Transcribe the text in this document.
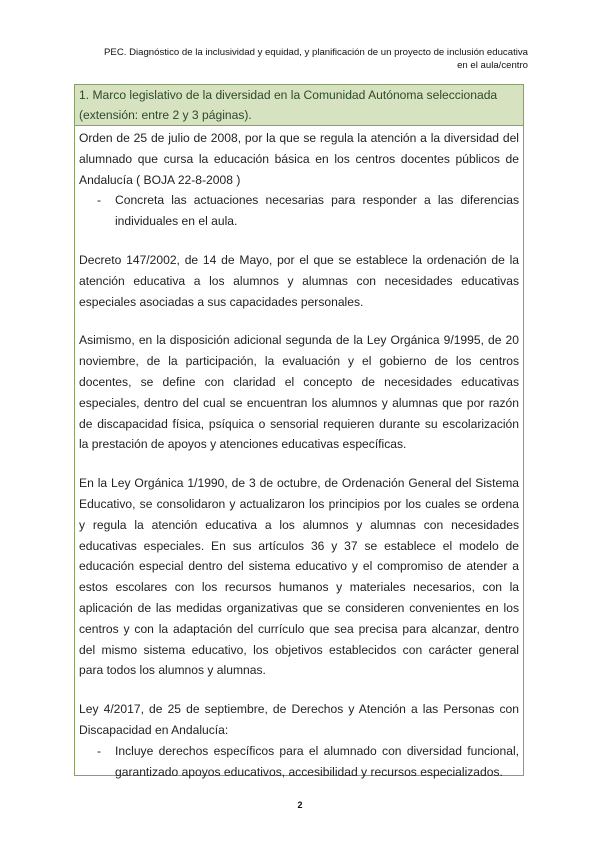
PEC. Diagnóstico de la inclusividad y equidad, y planificación de un proyecto de inclusión educativa
en el aula/centro
1. Marco legislativo de la diversidad en la Comunidad Autónoma seleccionada (extensión: entre 2 y 3 páginas).

Orden de 25 de julio de 2008, por la que se regula la atención a la diversidad del alumnado que cursa la educación básica en los centros docentes públicos de Andalucía ( BOJA 22-8-2008 )

-	Concreta las actuaciones necesarias para responder a las diferencias individuales en el aula.

Decreto 147/2002, de 14 de Mayo, por el que se establece la ordenación de la atención educativa a los alumnos y alumnas con necesidades educativas especiales asociadas a sus capacidades personales.

Asimismo, en la disposición adicional segunda de la Ley Orgánica 9/1995, de 20 noviembre, de la participación, la evaluación y el gobierno de los centros docentes, se define con claridad el concepto de necesidades educativas especiales, dentro del cual se encuentran los alumnos y alumnas que por razón de discapacidad física, psíquica o sensorial requieren durante su escolarización la prestación de apoyos y atenciones educativas específicas.

En la Ley Orgánica 1/1990, de 3 de octubre, de Ordenación General del Sistema Educativo, se consolidaron y actualizaron los principios por los cuales se ordena y regula la atención educativa a los alumnos y alumnas con necesidades educativas especiales. En sus artículos 36 y 37 se establece el modelo de educación especial dentro del sistema educativo y el compromiso de atender a estos escolares con los recursos humanos y materiales necesarios, con la aplicación de las medidas organizativas que se consideren convenientes en los centros y con la adaptación del currículo que sea precisa para alcanzar, dentro del mismo sistema educativo, los objetivos establecidos con carácter general para todos los alumnos y alumnas.

Ley 4/2017, de 25 de septiembre, de Derechos y Atención a las Personas con Discapacidad en Andalucía:

-	Incluye derechos específicos para el alumnado con diversidad funcional, garantizado apoyos educativos, accesibilidad y recursos especializados.
2
